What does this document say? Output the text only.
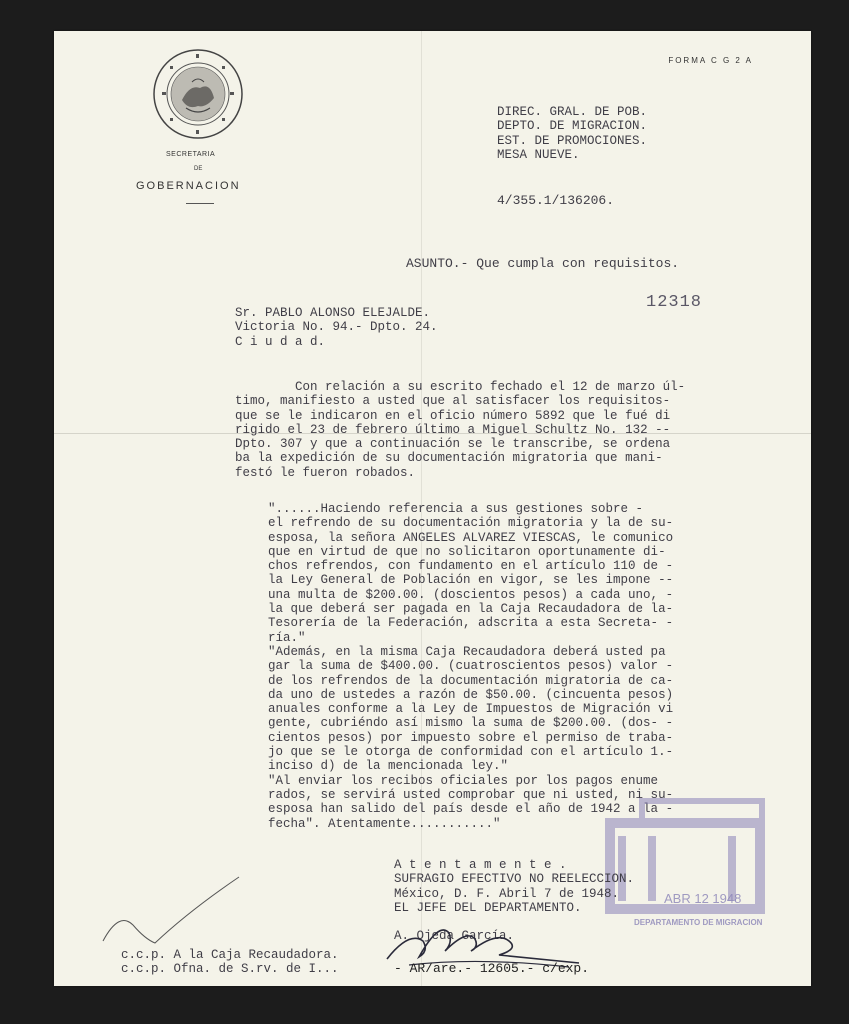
FORMA C G 2 A
SECRETARIA
DE
GOBERNACION
DIREC. GRAL. DE POB.
DEPTO. DE MIGRACION.
EST. DE PROMOCIONES.
MESA NUEVE.
4/355.1/136206.
ASUNTO.- Que cumpla con requisitos.
12318
Sr. PABLO ALONSO ELEJALDE.
Victoria No. 94.- Dpto. 24.
C i u d a d.
Con relación a su escrito fechado el 12 de marzo úl-
timo, manifiesto a usted que al satisfacer los requisitos-
que se le indicaron en el oficio número 5892 que le fué di
rigido el 23 de febrero último a Miguel Schultz No. 132 --
Dpto. 307 y que a continuación se le transcribe, se ordena
ba la expedición de su documentación migratoria que mani-
festó le fueron robados.
"......Haciendo referencia a sus gestiones sobre -
el refrendo de su documentación migratoria y la de su-
esposa, la señora ANGELES ALVAREZ VIESCAS, le comunico
que en virtud de que no solicitaron oportunamente di-
chos refrendos, con fundamento en el artículo 110 de -
la Ley General de Población en vigor, se les impone --
una multa de $200.00. (doscientos pesos) a cada uno, -
la que deberá ser pagada en la Caja Recaudadora de la-
Tesorería de la Federación, adscrita a esta Secreta- -
ría."
"Además, en la misma Caja Recaudadora deberá usted pa
gar la suma de $400.00. (cuatroscientos pesos) valor -
de los refrendos de la documentación migratoria de ca-
da uno de ustedes a razón de $50.00. (cincuenta pesos)
anuales conforme a la Ley de Impuestos de Migración vi
gente, cubriéndo así mismo la suma de $200.00. (dos- -
cientos pesos) por impuesto sobre el permiso de traba-
jo que se le otorga de conformidad con el artículo 1.-
inciso d) de la mencionada ley."
"Al enviar los recibos oficiales por los pagos enume
rados, se servirá usted comprobar que ni usted, ni su-
esposa han salido del país desde el año de 1942 a la -
fecha". Atentamente..........."
ABR 12 1948
DEPARTAMENTO DE MIGRACION
A t e n t a m e n t e .
SUFRAGIO EFECTIVO NO REELECCION.
México, D. F. Abril 7 de 1948.
EL JEFE DEL DEPARTAMENTO.

A. Ojeda García.
c.c.p. A la Caja Recaudadora.
c.c.p. Ofna. de S.rv. de I...	- AR/are.- 12605.- c/exp.
